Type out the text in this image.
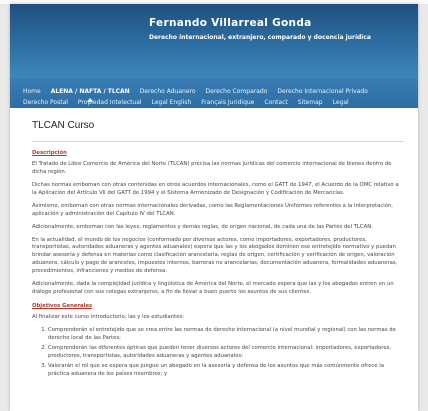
Fernando Villarreal Gonda
Derecho internacional, extranjero, comparado y docencia jurídica
Home	ALENA / NAFTA / TLCAN	Derecho Aduanero	Derecho Comparado	Derecho Internacional Privado
Derecho Postal	Propiedad Intelectual	Legal English	Français Juridique	Contact	Sitemap	Legal
TLCAN Curso
Descripción

El Tratado de Libre Comercio de América del Norte (TLCAN) precisa las normas jurídicas del comercio internacional de bienes dentro de dicha región.

Dichas normas emboman con otras contenidas en otros acuerdos internacionales, como el GATT de 1947, el Acuerdo de la OMC relativo a la Aplicación del Artículo VII del GATT de 1994 y el Sistema Armonizado de Designación y Codificación de Mercancías.

Asimismo, emboman con otras normas internacionales derivadas, como las Reglamentaciones Uniformes referentes a la interpretación, aplicación y administración del Capítulo IV del TLCAN.

Adicionalmente, emboman con las leyes, reglamentos y demás reglas, de origen nacional, de cada una de las Partes del TLCAN.

En la actualidad, el mundo de los negocios (conformado por diversos actores, como importadores, exportadores, productores, transportistas, autoridades aduaneras y agentes aduanales) espera que las y los abogados dominen ese entretejido normativo y puedan brindar asesoría y defensa en materias como clasificación arancelaria, reglas de origen, certificación y verificación de origen, valoración aduanera, cálculo y pago de aranceles, impuestos internos, barreras no arancelarias, documentación aduanera, formalidades aduaneras, procedimientos, infracciones y medios de defensa.

Adicionalmente, dada la complejidad jurídica y lingüística de América del Norte, el mercado espera que las y los abogados entren en un diálogo profesional con sus colegas extranjeros, a fin de llevar a buen puerto los asuntos de sus clientes.

Objetivos Generales

Al finalizar este curso introductorio, las y los estudiantes:

1. Comprenderán el entretejido que se crea entre las normas de derecho internacional (a nivel mundial y regional) con las normas de derecho local de las Partes;
2. Comprenderán las diferentes ópticas que pueden tener diversos actores del comercio internacional: importadores, exportadores, productores, transportistas, autoridades aduaneras y agentes aduanales;
3. Valorarán el rol que se espera que juegue un abogado en la asesoría y defensa de los asuntos que más comúnmente ofrece la práctica aduanera de los países miembros; y
